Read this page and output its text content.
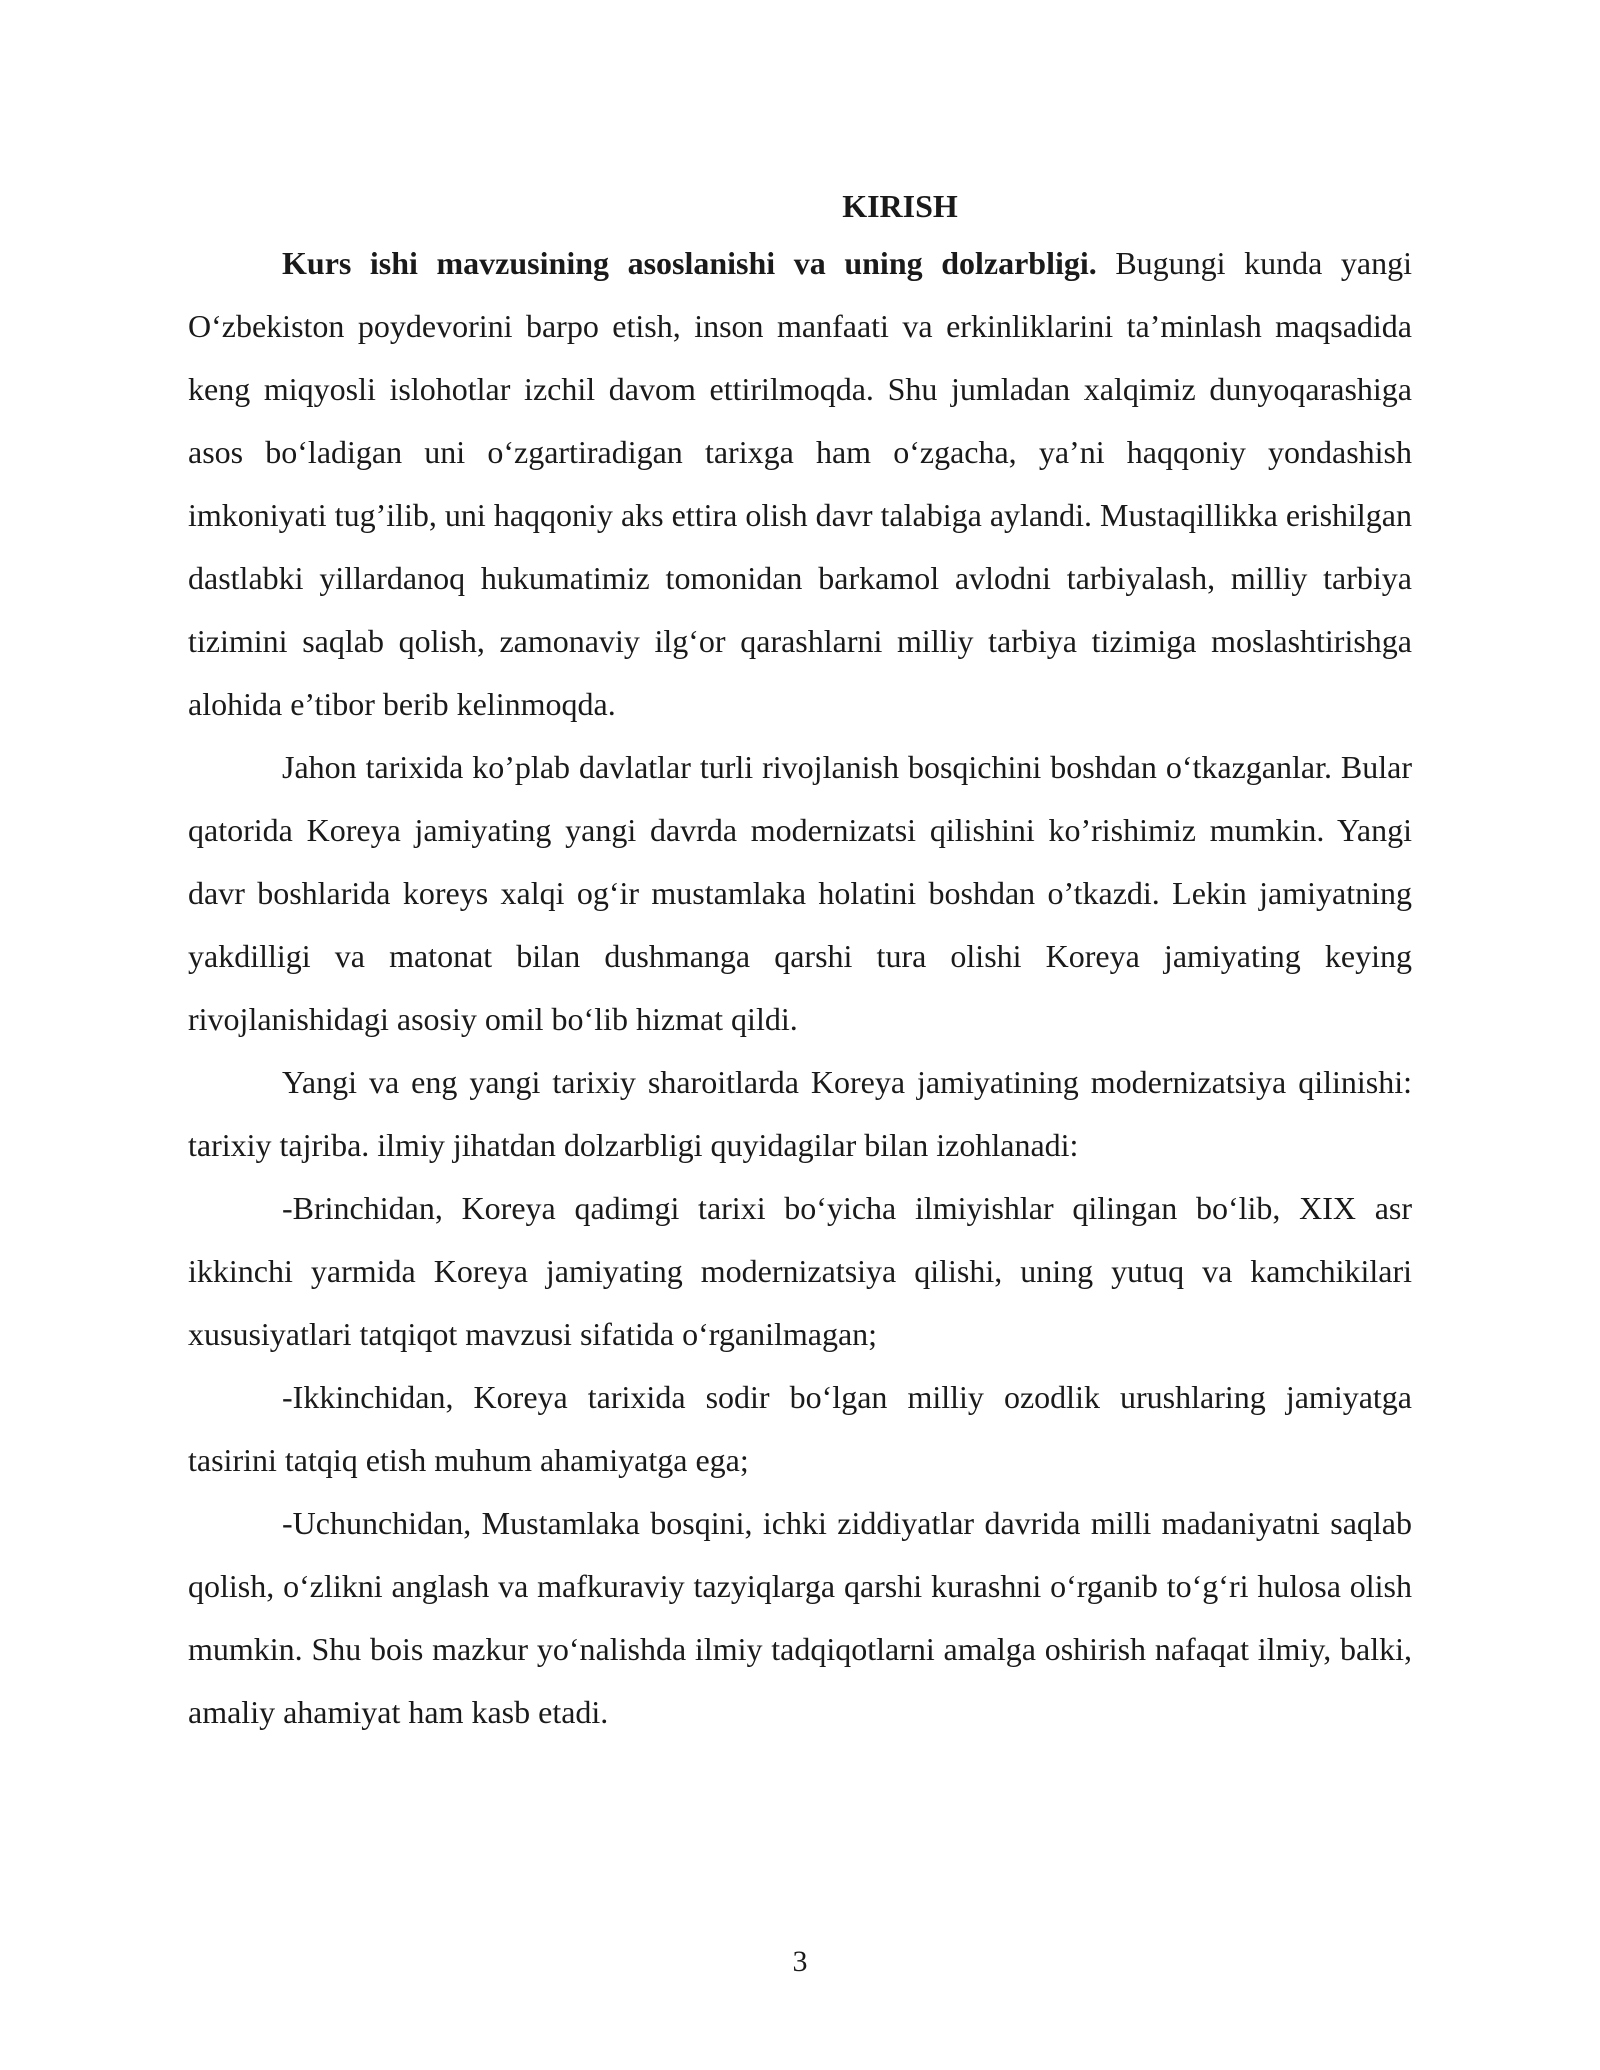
KIRISH

Kurs ishi mavzusining asoslanishi va uning dolzarbligi. Bugungi kunda yangi O‘zbekiston poydevorini barpo etish, inson manfaati va erkinliklarini ta’minlash maqsadida keng miqyosli islohotlar izchil davom ettirilmoqda. Shu jumladan xalqimiz dunyoqarashiga asos bo‘ladigan uni o‘zgartiradigan tarixga ham o‘zgacha, ya’ni haqqoniy yondashish imkoniyati tug’ilib, uni haqqoniy aks ettira olish davr talabiga aylandi. Mustaqillikka erishilgan dastlabki yillardanoq hukumatimiz tomonidan barkamol avlodni tarbiyalash, milliy tarbiya tizimini saqlab qolish, zamonaviy ilg‘or qarashlarni milliy tarbiya tizimiga moslashtirishga alohida e’tibor berib kelinmoqda.

Jahon tarixida ko’plab davlatlar turli rivojlanish bosqichini boshdan o‘tkazganlar. Bular qatorida Koreya jamiyating yangi davrda modernizatsi qilishini ko’rishimiz mumkin. Yangi davr boshlarida koreys xalqi og‘ir mustamlaka holatini boshdan o’tkazdi. Lekin jamiyatning yakdilligi va matonat bilan dushmanga qarshi tura olishi Koreya jamiyating keying rivojlanishidagi asosiy omil bo‘lib hizmat qildi.

Yangi va eng yangi tarixiy sharoitlarda Koreya jamiyatining modernizatsiya qilinishi: tarixiy tajriba. ilmiy jihatdan dolzarbligi quyidagilar bilan izohlanadi:

-Brinchidan, Koreya qadimgi tarixi bo‘yicha ilmiyishlar qilingan bo‘lib, XIX asr ikkinchi yarmida Koreya jamiyating modernizatsiya qilishi, uning yutuq va kamchikilari xususiyatlari tatqiqot mavzusi sifatida o‘rganilmagan;

-Ikkinchidan, Koreya tarixida sodir bo‘lgan milliy ozodlik urushlaring jamiyatga tasirini tatqiq etish muhum ahamiyatga ega;

-Uchunchidan, Mustamlaka bosqini, ichki ziddiyatlar davrida milli madaniyatni saqlab qolish, o‘zlikni anglash va mafkuraviy tazyiqlarga qarshi kurashni o‘rganib to‘g‘ri hulosa olish mumkin. Shu bois mazkur yo‘nalishda ilmiy tadqiqotlarni amalga oshirish nafaqat ilmiy, balki, amaliy ahamiyat ham kasb etadi.

3
